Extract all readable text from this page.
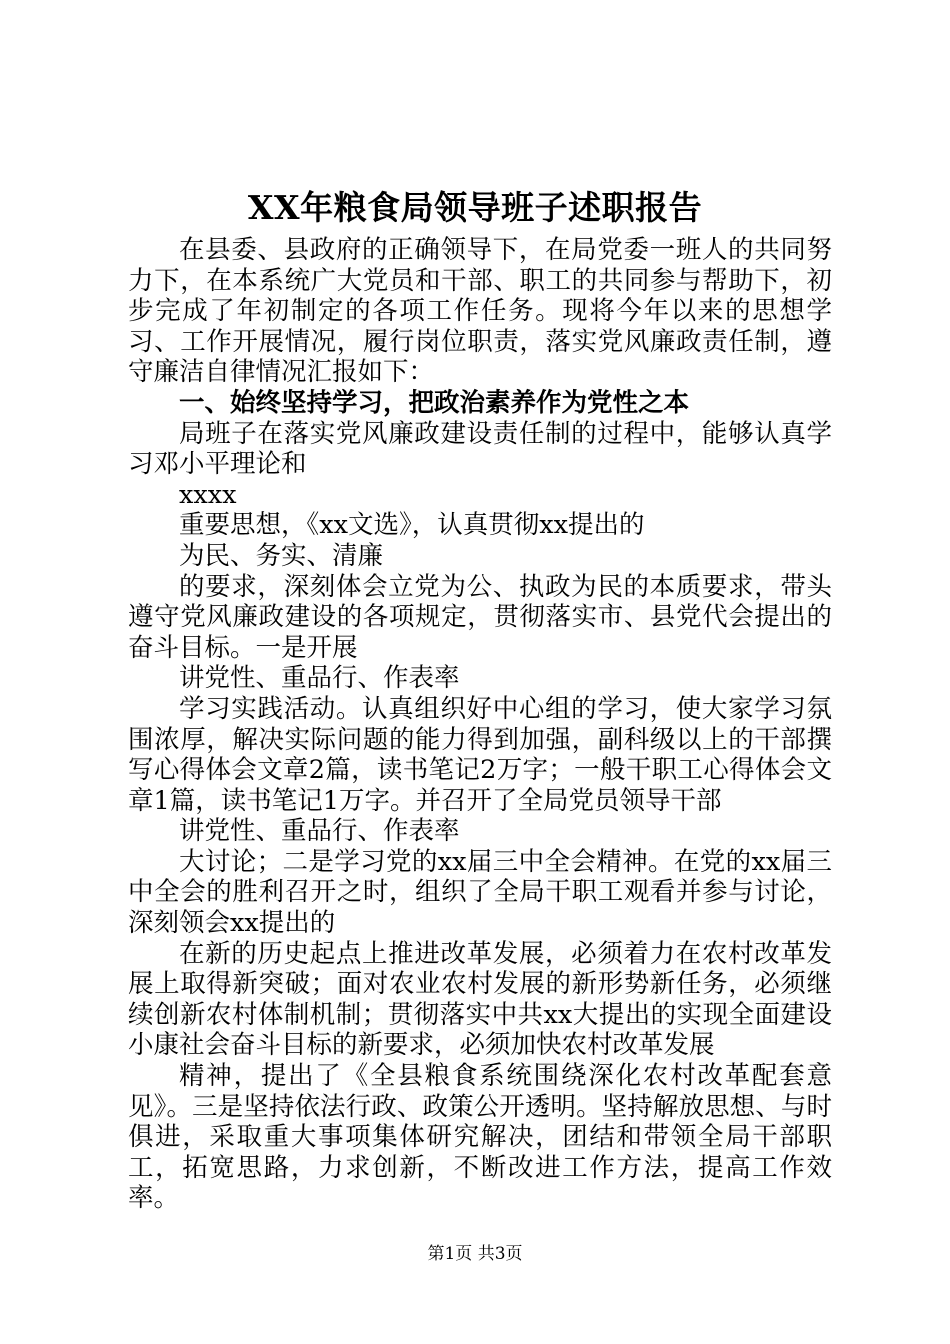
XX年粮食局领导班子述职报告

在县委、县政府的正确领导下，在局党委一班人的共同努力下，在本系统广大党员和干部、职工的共同参与帮助下，初步完成了年初制定的各项工作任务。现将今年以来的思想学习、工作开展情况，履行岗位职责，落实党风廉政责任制，遵守廉洁自律情况汇报如下：

一、始终坚持学习，把政治素养作为党性之本

局班子在落实党风廉政建设责任制的过程中，能够认真学习邓小平理论和

xxxx

重要思想，《xx文选》，认真贯彻xx提出的

为民、务实、清廉

的要求，深刻体会立党为公、执政为民的本质要求，带头遵守党风廉政建设的各项规定，贯彻落实市、县党代会提出的奋斗目标。一是开展

讲党性、重品行、作表率

学习实践活动。认真组织好中心组的学习，使大家学习氛围浓厚，解决实际问题的能力得到加强，副科级以上的干部撰写心得体会文章2篇，读书笔记2万字；一般干职工心得体会文章1篇，读书笔记1万字。并召开了全局党员领导干部

讲党性、重品行、作表率

大讨论；二是学习党的xx届三中全会精神。在党的xx届三中全会的胜利召开之时，组织了全局干职工观看并参与讨论，深刻领会xx提出的

在新的历史起点上推进改革发展，必须着力在农村改革发展上取得新突破；面对农业农村发展的新形势新任务，必须继续创新农村体制机制；贯彻落实中共xx大提出的实现全面建设小康社会奋斗目标的新要求，必须加快农村改革发展

精神，提出了《全县粮食系统围绕深化农村改革配套意见》。三是坚持依法行政、政策公开透明。坚持解放思想、与时俱进，采取重大事项集体研究解决，团结和带领全局干部职工，拓宽思路，力求创新，不断改进工作方法，提高工作效率。

第1页 共3页
